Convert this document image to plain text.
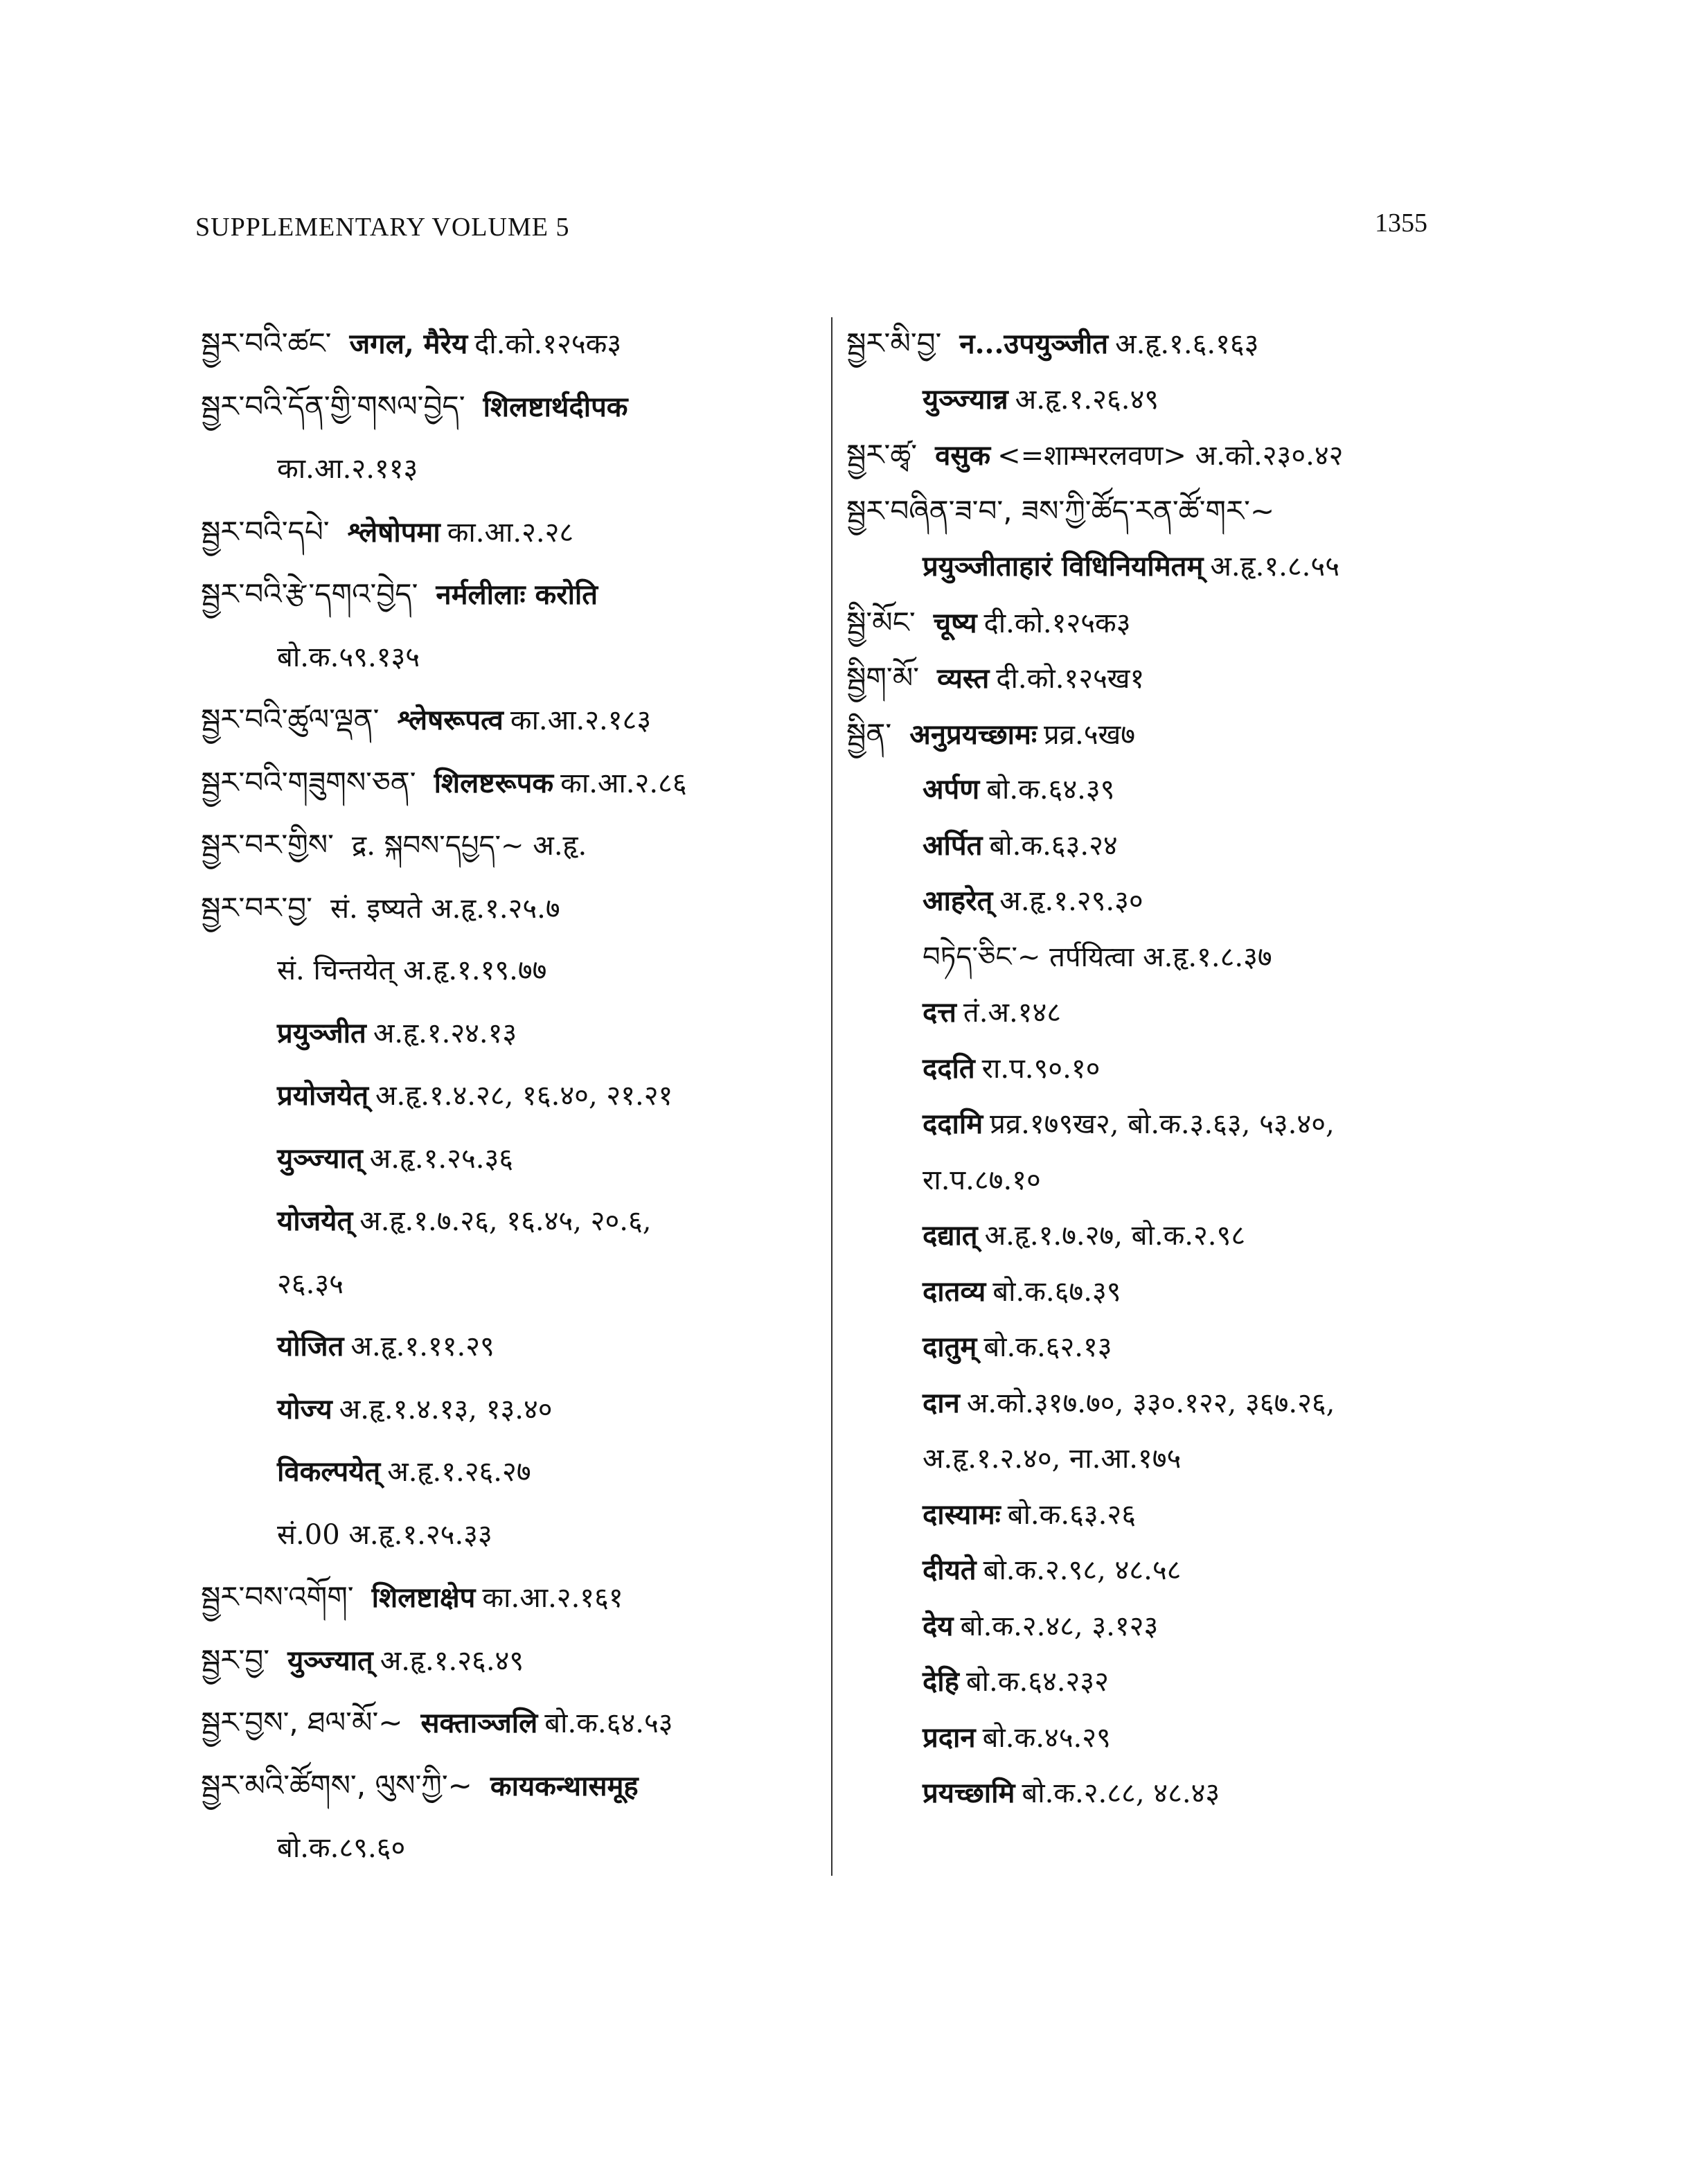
SUPPLEMENTARY VOLUME 5	1355
སྦྱར་བའི་ཚང་ जगल, मैरेय दी.को.१२५क३
སྦྱར་བའི་དོན་གྱི་གསལ་བྱེད་ शिलष्टार्थदीपक
का.आ.२.११३
སྦྱར་བའི་དཔེ་ श्लेषोपमा का.आ.२.२८
སྦྱར་བའི་རྩེ་དགའ་བྱེད་ नर्मलीलाः करोति
बो.क.५९.१३५
སྦྱར་བའི་ཚུལ་ལྡན་ श्लेषरूपत्व का.आ.२.१८३
སྦྱར་བའི་གཟུགས་ཅན་ शिलष्टरूपक का.आ.२.८६
སྦྱར་བར་གྱིས་ द्र. སྐབས་དཔྱད་~ अ.हृ.
སྦྱར་བར་བྱ་ सं. इष्यते अ.हृ.१.२५.७
सं. चिन्तयेत् अ.हृ.१.१९.७७
प्रयुञ्जीत अ.हृ.१.२४.१३
प्रयोजयेत् अ.हृ.१.४.२८, १६.४०, २१.२१
युञ्ज्यात् अ.हृ.१.२५.३६
योजयेत् अ.हृ.१.७.२६, १६.४५, २०.६,
२६.३५
योजित अ.हृ.१.११.२९
योज्य अ.हृ.१.४.१३, १३.४०
विकल्पयेत् अ.हृ.१.२६.२७
सं.00 अ.हृ.१.२५.३३
སྦྱར་བས་འགོག་ शिलष्टाक्षेप का.आ.२.१६१
སྦྱར་བྱ་ युञ्ज्यात् अ.हृ.१.२६.४९
སྦྱར་བྱས་, ཐལ་མོ་~ सक्ताञ्जलि बो.क.६४.५३
སྦྱར་མའི་ཚོགས་, ལུས་ཀྱི་~ कायकन्थासमूह
बो.क.८९.६०
སྦྱར་མི་བྱ་ न...उपयुञ्जीत अ.हृ.१.६.१६३
युञ्ज्यान्न अ.हृ.१.२६.४९
སྦྱར་ཚྭ་ वसुक <=शाम्भरलवण> अ.को.२३०.४२
སྦྱར་བཞིན་ཟ་བ་, ཟས་ཀྱི་ཚོད་རན་ཚོ་གར་~
प्रयुञ्जीताहारं विधिनियमितम् अ.हृ.१.८.५५
སྦྱི་མོང་ चूष्य दी.को.१२५क३
སྦྱིག་མོ་ व्यस्त दी.को.१२५ख१
སྦྱིན་ अनुप्रयच्छामः प्रव्र.५ख७
अर्पण बो.क.६४.३९
अर्पित बो.क.६३.२४
आहरेत् अ.हृ.१.२९.३०
བཏེད་ཅིང་~ तर्पयित्वा अ.हृ.१.८.३७
दत्त तं.अ.१४८
ददति रा.प.९०.१०
ददामि प्रव्र.१७९ख२, बो.क.३.६३, ५३.४०,
रा.प.८७.१०
दद्यात् अ.हृ.१.७.२७, बो.क.२.९८
दातव्य बो.क.६७.३९
दातुम् बो.क.६२.१३
दान अ.को.३१७.७०, ३३०.१२२, ३६७.२६,
अ.हृ.१.२.४०, ना.आ.१७५
दास्यामः बो.क.६३.२६
दीयते बो.क.२.९८, ४८.५८
देय बो.क.२.४८, ३.१२३
देहि बो.क.६४.२३२
प्रदान बो.क.४५.२९
प्रयच्छामि बो.क.२.८८, ४८.४३
